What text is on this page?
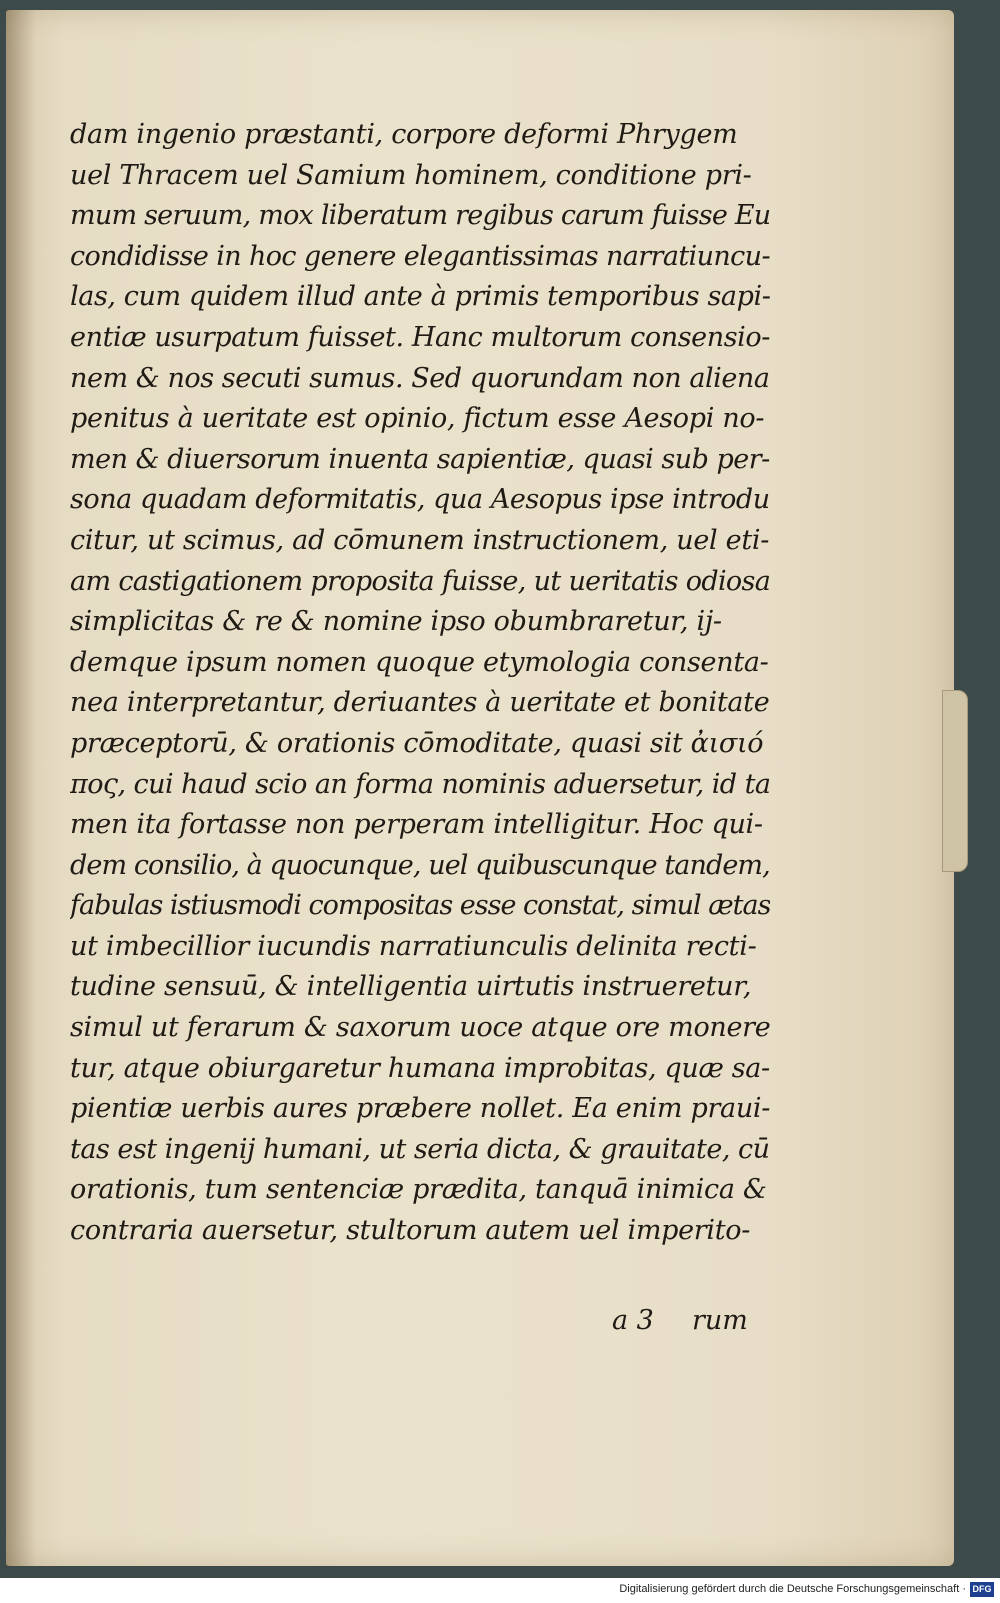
dam ingenio præstanti, corpore deformi Phrygem
uel Thracem uel Samium hominem, conditione pri-
mum seruum, mox liberatum regibus carum fuisse Eu
condidisse in hoc genere elegantissimas narratiuncu-
las, cum quidem illud ante à primis temporibus sapi-
entiæ usurpatum fuisset. Hanc multorum consensio-
nem & nos secuti sumus. Sed quorundam non aliena
penitus à ueritate est opinio, fictum esse Aesopi no-
men & diuersorum inuenta sapientiæ, quasi sub per-
sona quadam deformitatis, qua Aesopus ipse introdu
citur, ut scimus, ad cōmunem instructionem, uel eti-
am castigationem proposita fuisse, ut ueritatis odiosa
simplicitas & re & nomine ipso obumbraretur, ij-
demque ipsum nomen quoque etymologia consenta-
nea interpretantur, deriuantes à ueritate et bonitate
præceptorū, & orationis cōmoditate, quasi sit ἀισιό
πος, cui haud scio an forma nominis aduersetur, id ta
men ita fortasse non perperam intelligitur. Hoc qui-
dem consilio, à quocunque, uel quibuscunque tandem,
fabulas istiusmodi compositas esse constat, simul ætas
ut imbecillior iucundis narratiunculis delinita recti-
tudine sensuū, & intelligentia uirtutis instrueretur,
simul ut ferarum & saxorum uoce atque ore monere
tur, atque obiurgaretur humana improbitas, quæ sa-
pientiæ uerbis aures præbere nollet. Ea enim praui-
tas est ingenij humani, ut seria dicta, & grauitate, cū
orationis, tum sentenciæ prædita, tanquā inimica &
contraria auersetur, stultorum autem uel imperito-
a 3 rum
Digitalisierung gefördert durch die Deutsche Forschungsgemeinschaft · DFG
